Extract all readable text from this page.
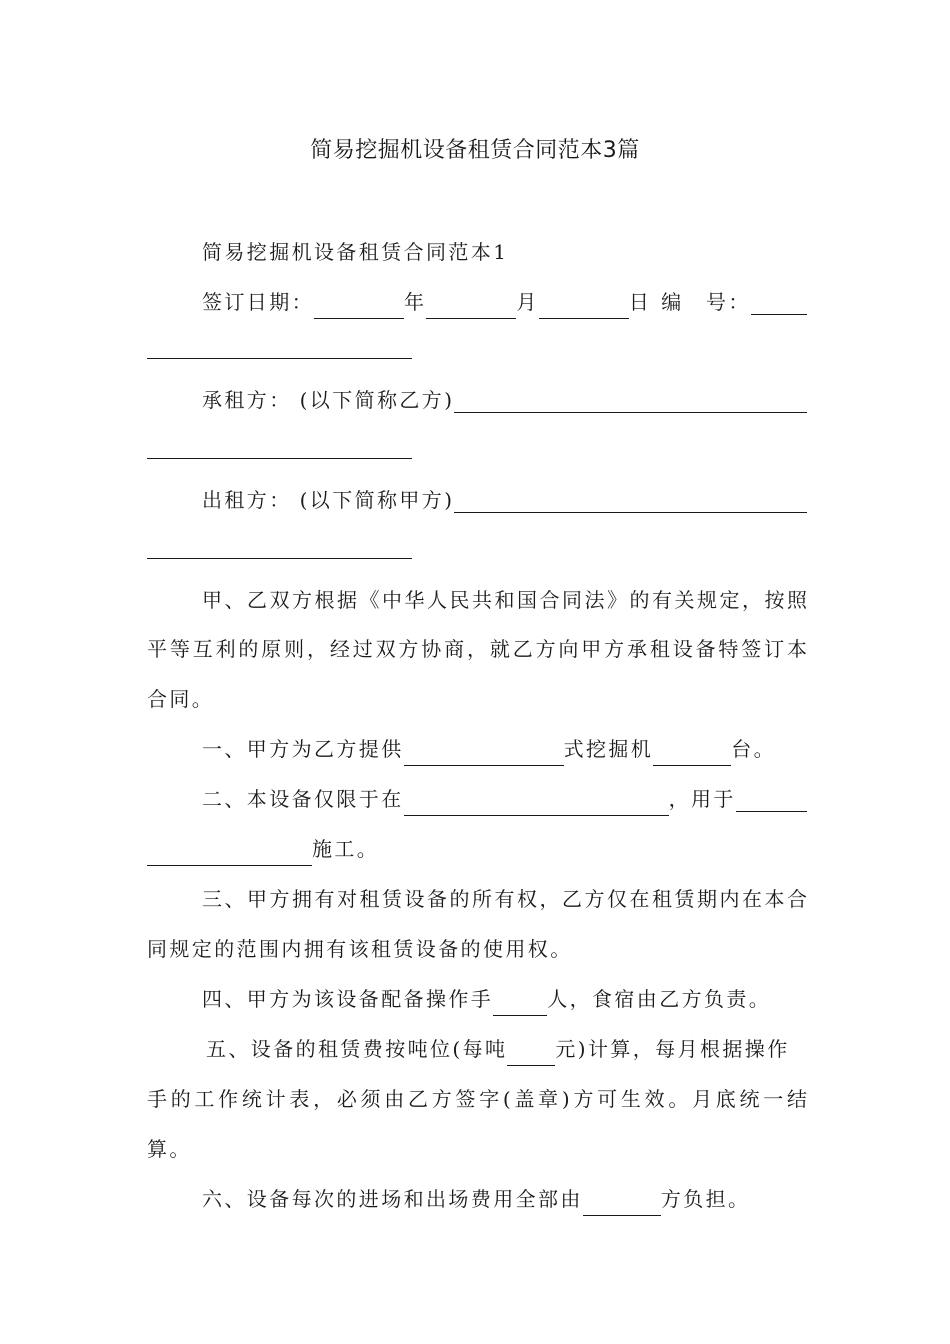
简易挖掘机设备租赁合同范本3篇
简易挖掘机设备租赁合同范本1
签订日期：	年	月	日 编　号：
承租方： (以下简称乙方)
出租方： (以下简称甲方)
甲、乙双方根据《中华人民共和国合同法》的有关规定，按照
平等互利的原则，经过双方协商，就乙方向甲方承租设备特签订本
合同。
一、甲方为乙方提供	式挖掘机	台。
二、本设备仅限于在	，用于
施工。
三、甲方拥有对租赁设备的所有权，乙方仅在租赁期内在本合
同规定的范围内拥有该租赁设备的使用权。
四、甲方为该设备配备操作手	人，食宿由乙方负责。
五、设备的租赁费按吨位(每吨 元)计算，每月根据操作
手的工作统计表，必须由乙方签字(盖章)方可生效。月底统一结
算。
六、设备每次的进场和出场费用全部由	方负担。
